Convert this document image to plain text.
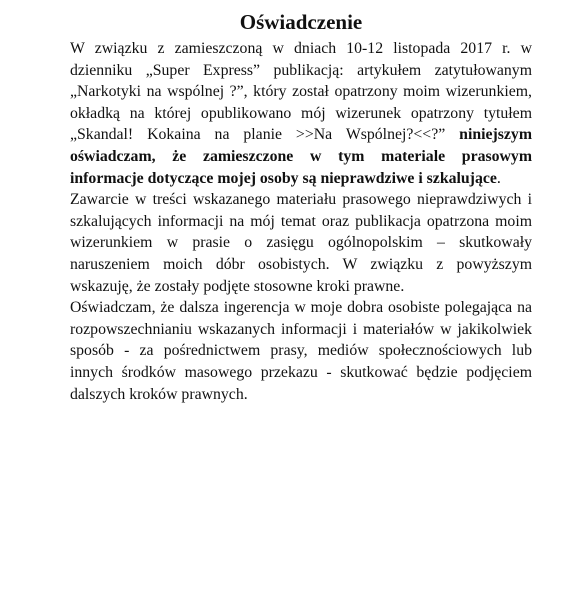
Oświadczenie

W związku z zamieszczoną w dniach 10-12 listopada 2017 r. w dzienniku „Super Express” publikacją: artykułem zatytułowanym „Narkotyki na wspólnej ?”, który został opatrzony moim wizerunkiem, okładką na której opublikowano mój wizerunek opatrzony tytułem „Skandal! Kokaina na planie >>Na Wspólnej?<<?” niniejszym oświadczam, że zamieszczone w tym materiale prasowym informacje dotyczące mojej osoby są nieprawdziwe i szkalujące.

Zawarcie w treści wskazanego materiału prasowego nieprawdziwych i szkalujących informacji na mój temat oraz publikacja opatrzona moim wizerunkiem w prasie o zasięgu ogólnopolskim – skutkowały naruszeniem moich dóbr osobistych. W związku z powyższym wskazuję, że zostały podjęte stosowne kroki prawne.

Oświadczam, że dalsza ingerencja w moje dobra osobiste polegająca na rozpowszechnianiu wskazanych informacji i materiałów w jakikolwiek sposób - za pośrednictwem prasy, mediów społecznościowych lub innych środków masowego przekazu - skutkować będzie podjęciem dalszych kroków prawnych.
